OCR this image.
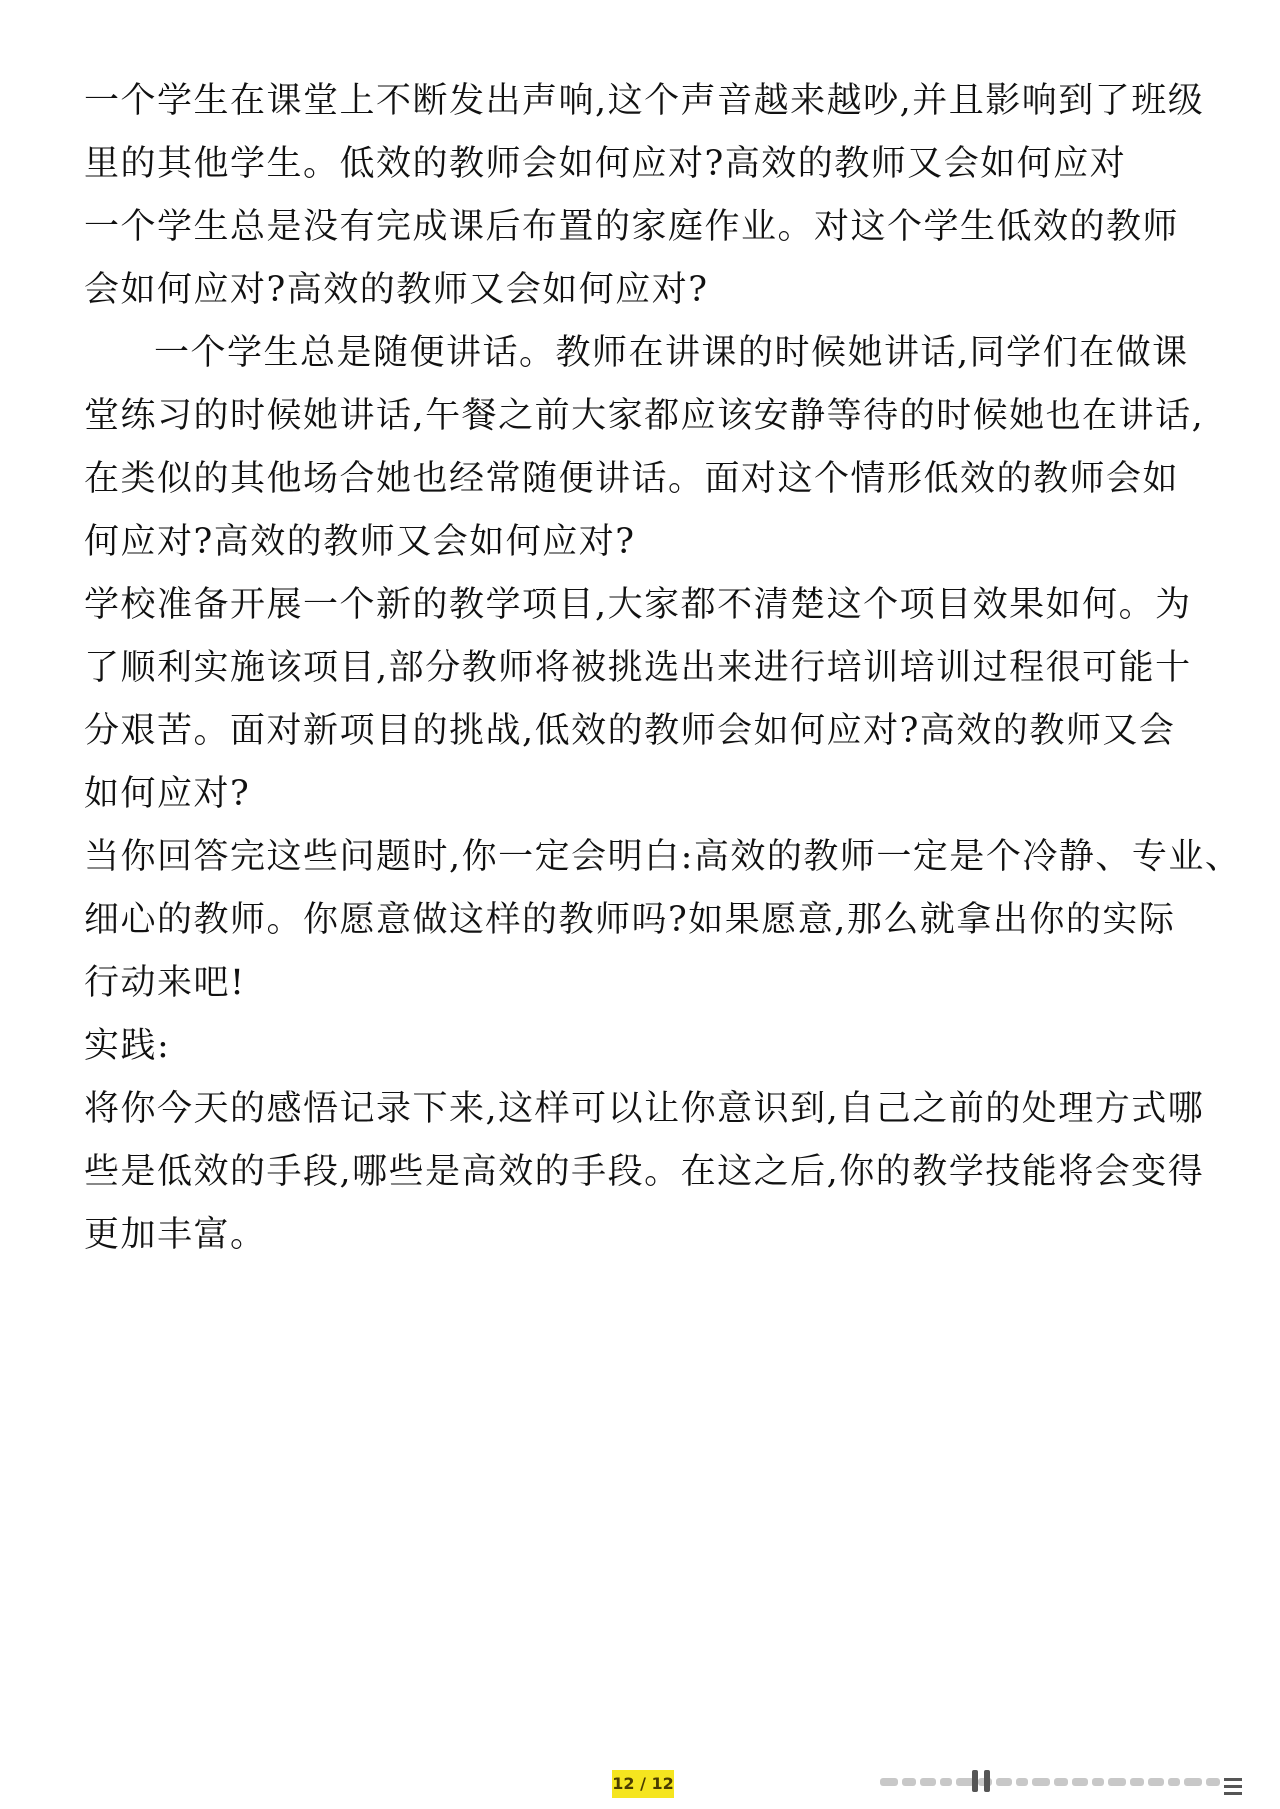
一个学生在课堂上不断发出声响,这个声音越来越吵,并且影响到了班级
里的其他学生。低效的教师会如何应对?高效的教师又会如何应对
一个学生总是没有完成课后布置的家庭作业。对这个学生低效的教师
会如何应对?高效的教师又会如何应对?
一个学生总是随便讲话。教师在讲课的时候她讲话,同学们在做课
堂练习的时候她讲话,午餐之前大家都应该安静等待的时候她也在讲话,
在类似的其他场合她也经常随便讲话。面对这个情形低效的教师会如
何应对?高效的教师又会如何应对?
学校准备开展一个新的教学项目,大家都不清楚这个项目效果如何。为
了顺利实施该项目,部分教师将被挑选出来进行培训培训过程很可能十
分艰苦。面对新项目的挑战,低效的教师会如何应对?高效的教师又会
如何应对?
当你回答完这些问题时,你一定会明白:高效的教师一定是个冷静、专业、
细心的教师。你愿意做这样的教师吗?如果愿意,那么就拿出你的实际
行动来吧!
实践:
将你今天的感悟记录下来,这样可以让你意识到,自己之前的处理方式哪
些是低效的手段,哪些是高效的手段。在这之后,你的教学技能将会变得
更加丰富。
12 / 12
